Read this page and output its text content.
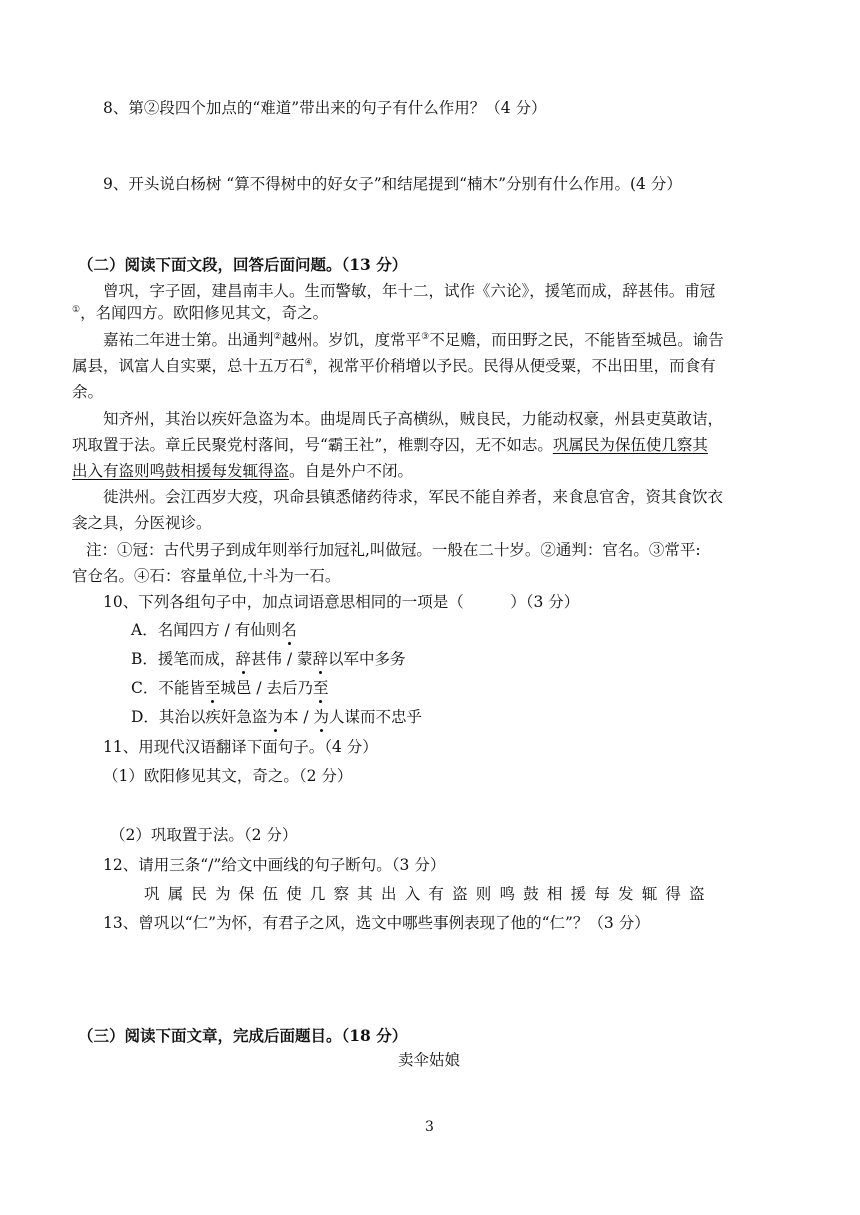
8、第②段四个加点的“难道”带出来的句子有什么作用？（4 分）
9、开头说白杨树 “算不得树中的好女子”和结尾提到“楠木”分别有什么作用。(4 分）
（二）阅读下面文段，回答后面问题。（13 分）
曾巩，字子固，建昌南丰人。生而警敏，年十二，试作《六论》，援笔而成，辞甚伟。甫冠
①，名闻四方。欧阳修见其文，奇之。
嘉祐二年进士第。出通判②越州。岁饥，度常平③不足赡，而田野之民，不能皆至城邑。谕告
属县，讽富人自实粟，总十五万石④，视常平价稍增以予民。民得从便受粟，不出田里，而食有
余。
知齐州，其治以疾奸急盗为本。曲堤周氏子高横纵，贼良民，力能动权豪，州县吏莫敢诘，
巩取置于法。章丘民聚党村落间，号“霸王社”，椎剽夺囚，无不如志。巩属民为保伍使几察其
出入有盗则鸣鼓相援每发辄得盗。自是外户不闭。
徙洪州。会江西岁大疫，巩命县镇悉储药待求，军民不能自养者，来食息官舍，资其食饮衣
衾之具，分医视诊。
注：①冠：古代男子到成年则举行加冠礼,叫做冠。一般在二十岁。②通判：官名。③常平:
官仓名。④石：容量单位,十斗为一石。
10、下列各组句子中，加点词语意思相同的一项是（　　　）（3 分）
A．名闻四方 / 有仙则名
B．援笔而成，辞甚伟 / 蒙辞以军中多务
C．不能皆至城邑 / 去后乃至
D．其治以疾奸急盗为本 / 为人谋而不忠乎
11、用现代汉语翻译下面句子。（4 分）
（1）欧阳修见其文，奇之。（2 分）
（2）巩取置于法。（2 分）
12、请用三条“/”给文中画线的句子断句。（3 分）
巩属民为保伍使几察其出入有盗则鸣鼓相援每发辄得盗
13、曾巩以“仁”为怀，有君子之风，选文中哪些事例表现了他的“仁”？（3 分）
（三）阅读下面文章，完成后面题目。（18 分）
卖伞姑娘
3
